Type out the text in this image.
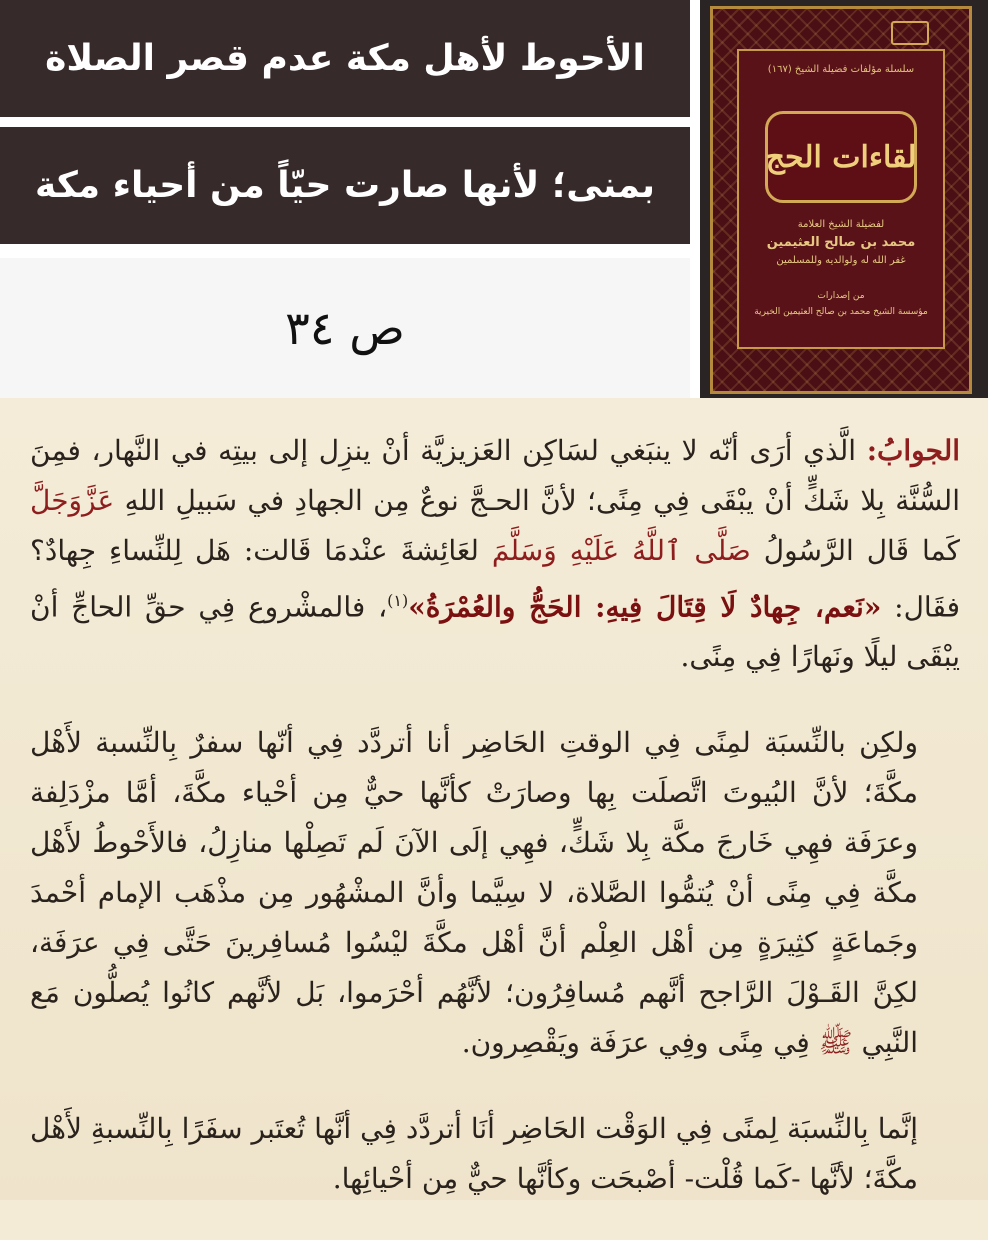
الأحوط لأهل مكة عدم قصر الصلاة
بمنى؛ لأنها صارت حيّاً من أحياء مكة
ص ٣٤
سلسلة مؤلفات فضيلة الشيخ (١٦٧)
لقاءات الحج
لفضيلة الشيخ العلامة
محمد بن صالح العثيمين
غفر الله له ولوالديه وللمسلمين
من إصدارات
مؤسسة الشيخ محمد بن صالح العثيمين الخيرية

الجوابُ: الَّذي أرَى أنّه لا ينبَغي لسَاكِن العَزيزيَّة أنْ ينزِل إلى بيتِه في النَّهار، فمِنَ السُّنَّة بِلا شَكٍّ أنْ يبْقَى فِي مِنًى؛ لأنَّ الحـجَّ نوعٌ مِن الجهادِ في سَبيلِ اللهِ عَزَّوَجَلَّ كَما قَال الرَّسُولُ صَلَّى ٱللَّهُ عَلَيْهِ وَسَلَّمَ لعَائِشةَ عنْدمَا قَالت: هَل لِلنِّساءِ جِهادٌ؟ فقَال: «نَعم، جِهادٌ لَا قِتَالَ فِيهِ: الحَجُّ والعُمْرَةُ»$^{(١)}$، فالمشْروع فِي حقِّ الحاجِّ أنْ يبْقَى ليلًا ونَهارًا فِي مِنًى.

ولكِن بالنِّسبَة لمِنًى فِي الوقتِ الحَاضِر أنا أتردَّد فِي أنّها سفرٌ بِالنِّسبة لأَهْل مكَّةَ؛ لأنَّ البُيوتَ اتَّصلَت بِها وصارَتْ كأنَّها حيٌّ مِن أحْياء مكَّةَ، أمَّا مزْدَلِفة وعرَفَة فهِي خَارجَ مكَّة بِلا شَكٍّ، فهِي إلَى الآنَ لَم تَصِلْها منازِلُ، فالأَحْوطُ لأَهْل مكَّة فِي مِنًى أنْ يُتمُّوا الصَّلاة، لا سِيَّما وأنَّ المشْهُور مِن مذْهَب الإمام أحْمدَ وجَماعَةٍ كثِيرَةٍ مِن أهْل العِلْم أنَّ أهْل مكَّةَ ليْسُوا مُسافِرينَ حَتَّى فِي عرَفَة، لكِنَّ القَـوْلَ الرَّاجح أنَّهم مُسافِرُون؛ لأنَّهُم أحْرَموا، بَل لأنَّهم كانُوا يُصلُّون مَع النَّبِي ﷺ فِي مِنًى وفِي عرَفَة ويَقْصِرون.

إنَّما بِالنِّسبَة لِمنًى فِي الوَقْت الحَاضِر أنَا أتردَّد فِي أنَّها تُعتَبر سفَرًا بِالنِّسبةِ لأَهْل مكَّةَ؛ لأنَّها -كَما قُلْت- أصْبحَت وكأنَّها حيٌّ مِن أحْيائِها.
